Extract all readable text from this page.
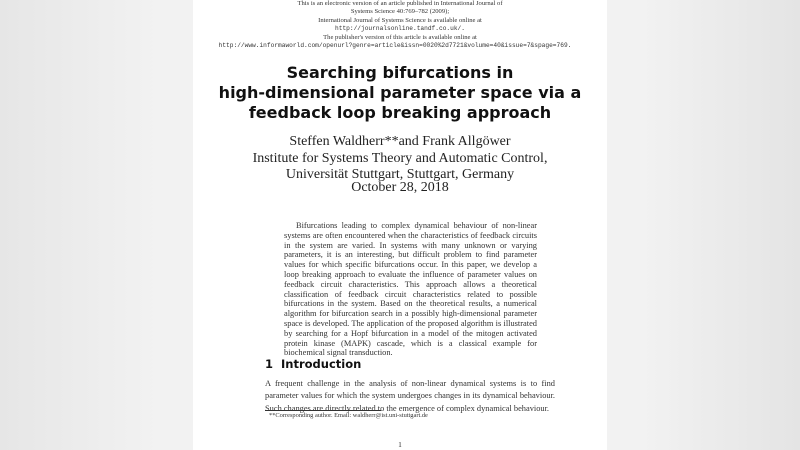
This is an electronic version of an article published in International Journal of
Systems Science 40:769–782 (2009);
International Journal of Systems Science is available online at
http://journalsonline.tandf.co.uk/.
The publisher's version of this article is available online at
http://www.informaworld.com/openurl?genre=article&issn=0020%2d7721&volume=40&issue=7&spage=769.
Searching bifurcations in
high-dimensional parameter space via a
feedback loop breaking approach
Steffen Waldherr**and Frank Allgöwer
Institute for Systems Theory and Automatic Control,
Universität Stuttgart, Stuttgart, Germany
October 28, 2018
Bifurcations leading to complex dynamical behaviour of non-linear systems are often encountered when the characteristics of feedback circuits in the system are varied. In systems with many unknown or varying parameters, it is an interesting, but difficult problem to find parameter values for which specific bifurcations occur. In this paper, we develop a loop breaking approach to evaluate the influence of parameter values on feedback circuit characteristics. This approach allows a theoretical classification of feedback circuit characteristics related to possible bifurcations in the system. Based on the theoretical results, a numerical algorithm for bifurcation search in a possibly high-dimensional parameter space is developed. The application of the proposed algorithm is illustrated by searching for a Hopf bifurcation in a model of the mitogen activated protein kinase (MAPK) cascade, which is a classical example for biochemical signal transduction.
1 Introduction
A frequent challenge in the analysis of non-linear dynamical systems is to find parameter values for which the system undergoes changes in its dynamical behaviour. Such changes are directly related to the emergence of complex dynamical behaviour.
**Corresponding author. Email: waldherr@ist.uni-stuttgart.de
1
